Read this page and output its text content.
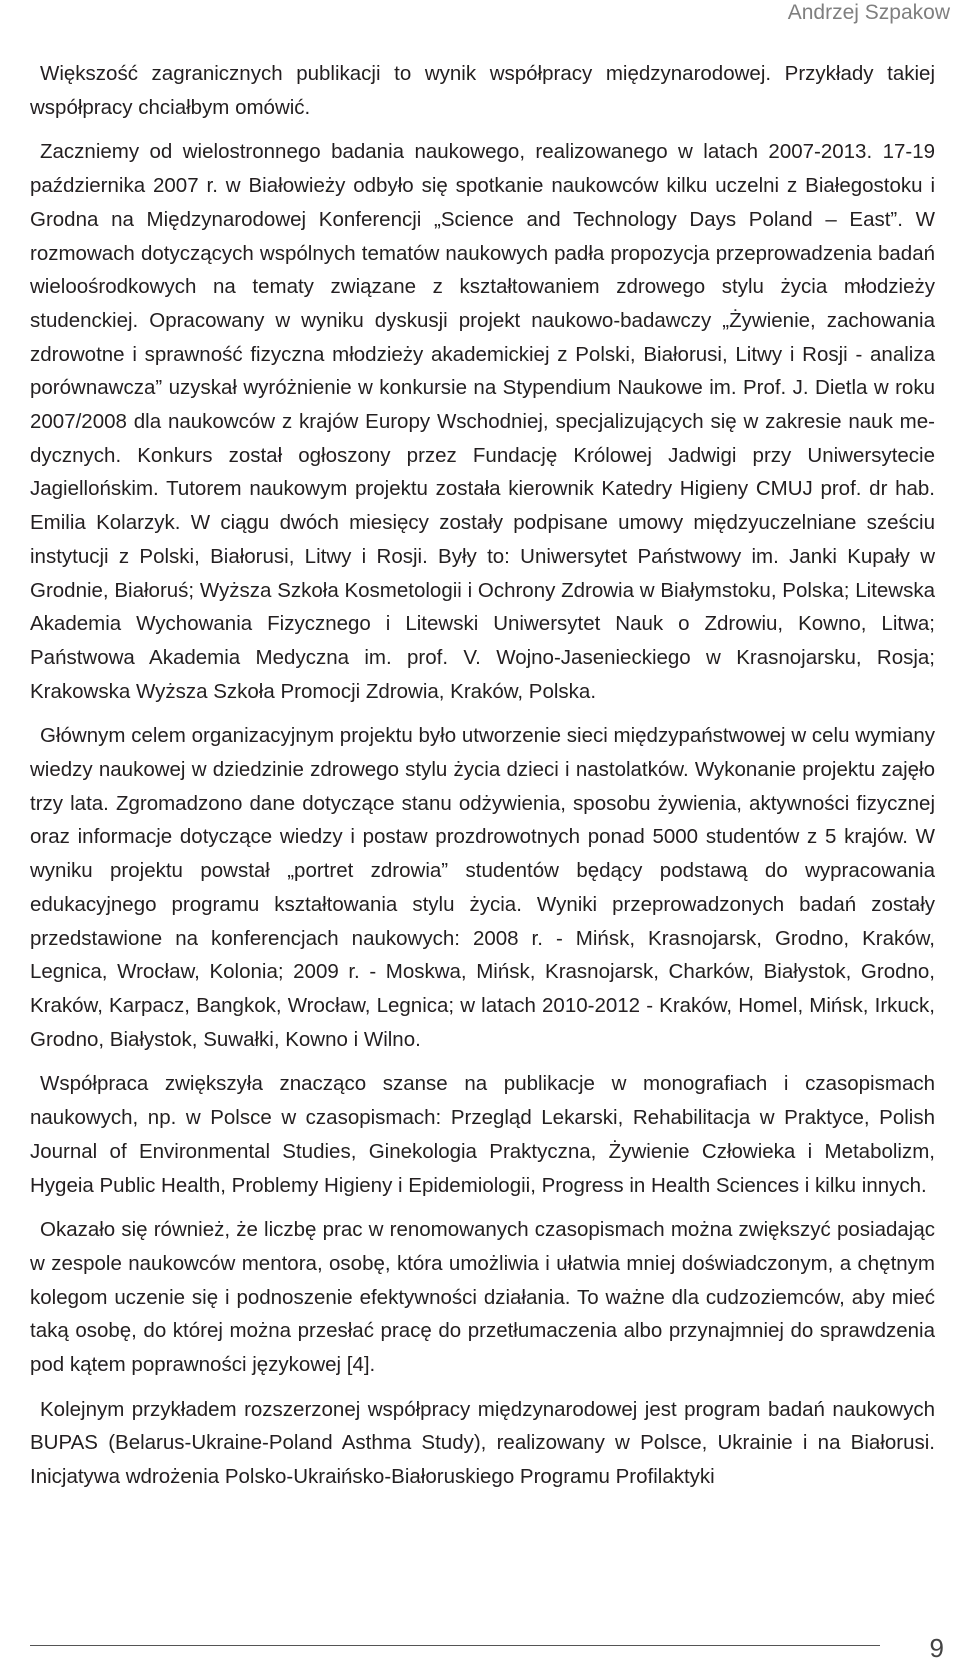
Andrzej Szpakow

Większość zagranicznych publikacji to wynik współpracy międzynarodowej. Przykłady takiej współpracy chciałbym omówić.

Zaczniemy od wielostronnego badania naukowego, realizowanego w latach 2007-2013. 17-19 października 2007 r. w Białowieży odbyło się spotkanie naukowców kilku uczelni z Białegostoku i Grodna na Międzynarodowej Konferencji „Science and Technology Days Poland – East”. W rozmowach dotyczących wspólnych tematów naukowych padła propozycja przeprowadzenia badań wieloośrodkowych na tematy związane z kształtowaniem zdrowego stylu życia młodzieży studenckiej. Opracowany w wyniku dyskusji projekt naukowo-badawczy „Żywienie, zachowania zdrowotne i sprawność fizyczna młodzieży akademickiej z Polski, Białorusi, Litwy i Rosji - analiza porównawcza” uzyskał wyróżnienie w konkursie na Stypendium Naukowe im. Prof. J. Dietla w roku 2007/2008 dla naukowców z krajów Europy Wschodniej, specjalizujących się w zakresie nauk medycznych. Konkurs został ogłoszony przez Fundację Królowej Jadwigi przy Uniwersytecie Jagiellońskim. Tutorem naukowym projektu została kierownik Katedry Higieny CMUJ prof. dr hab. Emilia Kolarzyk. W ciągu dwóch miesięcy zostały podpisane umowy międzyuczelniane sześciu instytucji z Polski, Białorusi, Litwy i Rosji. Były to: Uniwersytet Państwowy im. Janki Kupały w Grodnie, Białoruś; Wyższa Szkoła Kosmetologii i Ochrony Zdrowia w Białymstoku, Polska; Litewska Akademia Wychowania Fizycznego i Litewski Uniwersytet Nauk o Zdrowiu, Kowno, Litwa; Państwowa Akademia Medyczna im. prof. V. Wojno-Jasenieckiego w Krasnojarsku, Rosja; Krakowska Wyższa Szkoła Promocji Zdrowia, Kraków, Polska.

Głównym celem organizacyjnym projektu było utworzenie sieci międzypaństwowej w celu wymiany wiedzy naukowej w dziedzinie zdrowego stylu życia dzieci i nastolatków. Wykonanie projektu zajęło trzy lata. Zgromadzono dane dotyczące stanu odżywienia, sposobu żywienia, aktywności fizycznej oraz informacje dotyczące wiedzy i postaw prozdrowotnych ponad 5000 studentów z 5 krajów. W wyniku projektu powstał „portret zdrowia” studentów będący podstawą do wypracowania edukacyjnego programu kształtowania stylu życia. Wyniki przeprowadzonych badań zostały przedstawione na konferencjach naukowych: 2008 r. - Mińsk, Krasnojarsk, Grodno, Kraków, Legnica, Wrocław, Kolonia; 2009 r. - Moskwa, Mińsk, Krasnojarsk, Charków, Białystok, Grodno, Kraków, Karpacz, Bangkok, Wrocław, Legnica; w latach 2010-2012 - Kraków, Homel, Mińsk, Irkuck, Grodno, Białystok, Suwałki, Kowno i Wilno.

Współpraca zwiększyła znacząco szanse na publikacje w monografiach i czasopismach naukowych, np. w Polsce w czasopismach: Przegląd Lekarski, Rehabilitacja w Praktyce, Polish Journal of Environmental Studies, Ginekologia Praktyczna, Żywienie Człowieka i Metabolizm, Hygeia Public Health, Problemy Higieny i Epidemiologii, Progress in Health Sciences i kilku innych.

Okazało się również, że liczbę prac w renomowanych czasopismach można zwiększyć posiadając w zespole naukowców mentora, osobę, która umożliwia i ułatwia mniej doświadczonym, a chętnym kolegom uczenie się i podnoszenie efektywności działania. To ważne dla cudzoziemców, aby mieć taką osobę, do której można przesłać pracę do przetłumaczenia albo przynajmniej do sprawdzenia pod kątem poprawności językowej [4].

Kolejnym przykładem rozszerzonej współpracy międzynarodowej jest program badań naukowych BUPAS (Belarus-Ukraine-Poland Asthma Study), realizowany w Polsce, Ukrainie i na Białorusi. Inicjatywa wdrożenia Polsko-Ukraińsko-Białoruskiego Programu Profilaktyki

9
